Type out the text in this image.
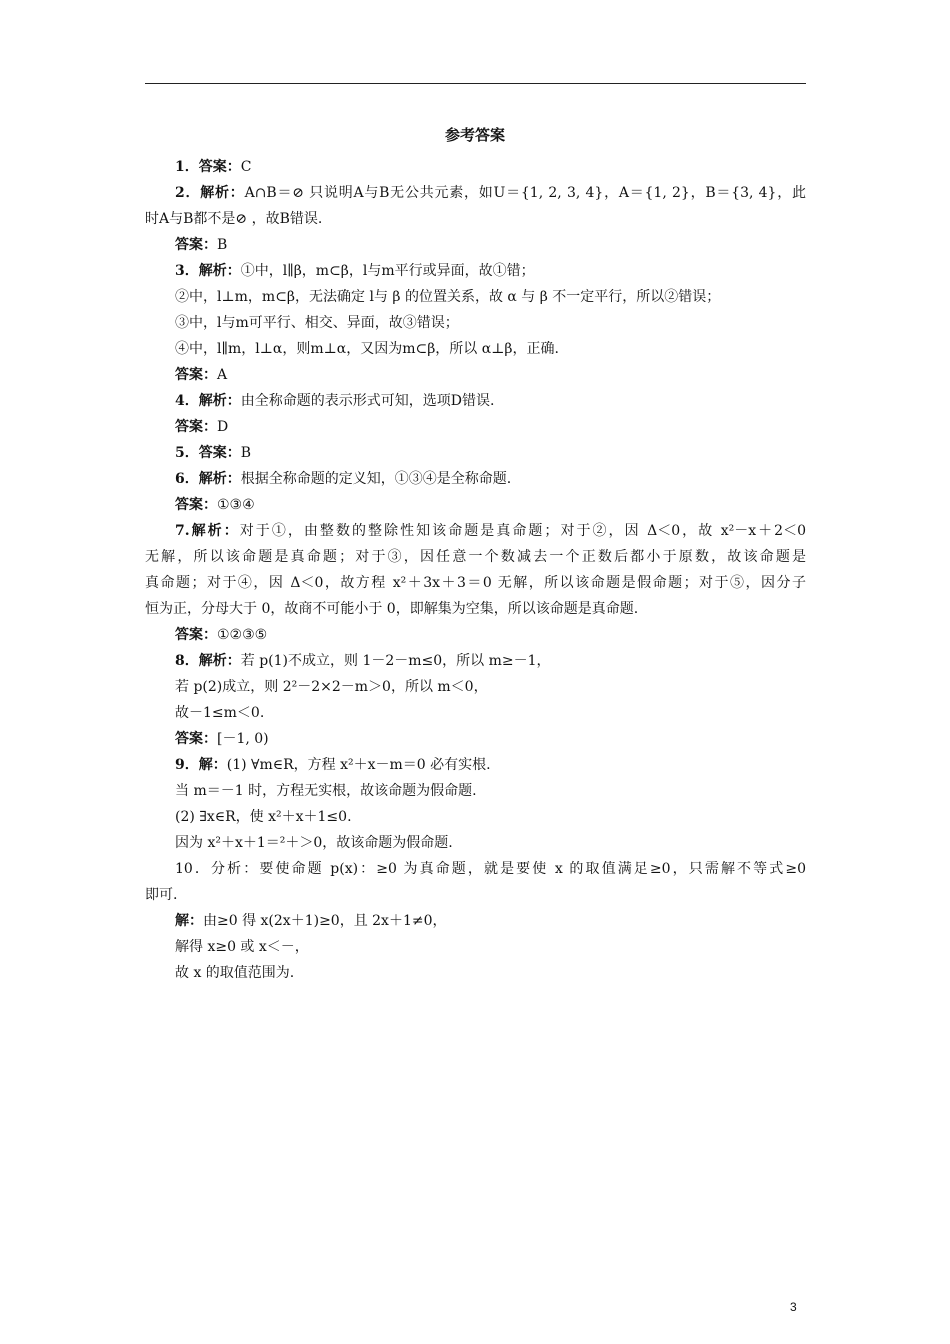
参考答案
1．答案：C
2．解析：A∩B＝⊘ 只说明A与B无公共元素，如U＝{1, 2, 3, 4}，A＝{1, 2}，B＝{3, 4}，此
时A与B都不是⊘ ，故B错误.
答案：B
3．解析：①中，l∥β，m⊂β，l与m平行或异面，故①错；
②中，l⊥m，m⊂β，无法确定 l与 β 的位置关系，故 α 与 β 不一定平行，所以②错误；
③中，l与m可平行、相交、异面，故③错误；
④中，l∥m，l⊥α，则m⊥α，又因为m⊂β，所以 α⊥β，正确.
答案：A
4．解析：由全称命题的表示形式可知，选项D错误.
答案：D
5．答案：B
6．解析：根据全称命题的定义知，①③④是全称命题.
答案：①③④
7.解析：对于①，由整数的整除性知该命题是真命题；对于②，因 Δ＜0，故 x²－x＋2＜0
无解，所以该命题是真命题；对于③，因任意一个数减去一个正数后都小于原数，故该命题是
真命题；对于④，因 Δ＜0，故方程 x²＋3x＋3＝0 无解，所以该命题是假命题；对于⑤，因分子
恒为正，分母大于 0，故商不可能小于 0，即解集为空集，所以该命题是真命题.
答案：①②③⑤
8．解析：若 p(1)不成立，则 1－2－m≤0，所以 m≥－1，
若 p(2)成立，则 2²－2×2－m＞0，所以 m＜0，
故－1≤m＜0.
答案：[－1, 0)
9．解：(1) ∀m∈R，方程 x²＋x－m＝0 必有实根.
当 m＝－1 时，方程无实根，故该命题为假命题.
(2) ∃x∈R，使 x²＋x＋1≤0.
因为 x²＋x＋1＝²＋＞0，故该命题为假命题.
10．分析：要使命题 p(x)：≥0 为真命题，就是要使 x 的取值满足≥0，只需解不等式≥0
即可.
解：由≥0 得 x(2x＋1)≥0，且 2x＋1≠0，
解得 x≥0 或 x＜－，
故 x 的取值范围为.
3
